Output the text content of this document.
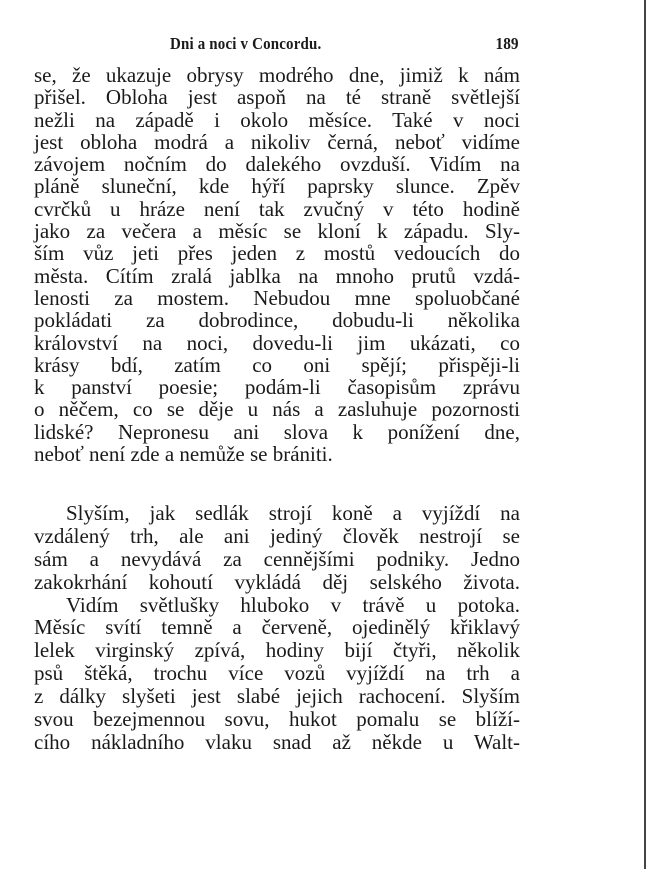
Dni a noci v Concordu.	189
se, že ukazuje obrysy modrého dne, jimiž k nám
přišel. Obloha jest aspoň na té straně světlejší
nežli na západě i okolo měsíce. Také v noci
jest obloha modrá a nikoliv černá, neboť vidíme
závojem nočním do dalekého ovzduší. Vidím na
pláně sluneční, kde hýří paprsky slunce. Zpěv
cvrčků u hráze není tak zvučný v této hodině
jako za večera a měsíc se kloní k západu. Sly-
ším vůz jeti přes jeden z mostů vedoucích do
města. Cítím zralá jablka na mnoho prutů vzdá-
lenosti za mostem. Nebudou mne spoluobčané
pokládati za dobrodince, dobudu-li několika
království na noci, dovedu-li jim ukázati, co
krásy bdí, zatím co oni spějí; přispěji-li
k panství poesie; podám-li časopisům zprávu
o něčem, co se děje u nás a zasluhuje pozornosti
lidské? Nepronesu ani slova k ponížení dne,
neboť není zde a nemůže se brániti.
Slyším, jak sedlák strojí koně a vyjíždí na
vzdálený trh, ale ani jediný člověk nestrojí se
sám a nevydává za cennějšími podniky. Jedno
zakokrhání kohoutí vykládá děj selského života.
Vidím světlušky hluboko v trávě u potoka.
Měsíc svítí temně a červeně, ojedinělý křiklavý
lelek virginský zpívá, hodiny bijí čtyři, několik
psů štěká, trochu více vozů vyjíždí na trh a
z dálky slyšeti jest slabé jejich rachocení. Slyším
svou bezejmennou sovu, hukot pomalu se blíží-
cího nákladního vlaku snad až někde u Walt-
